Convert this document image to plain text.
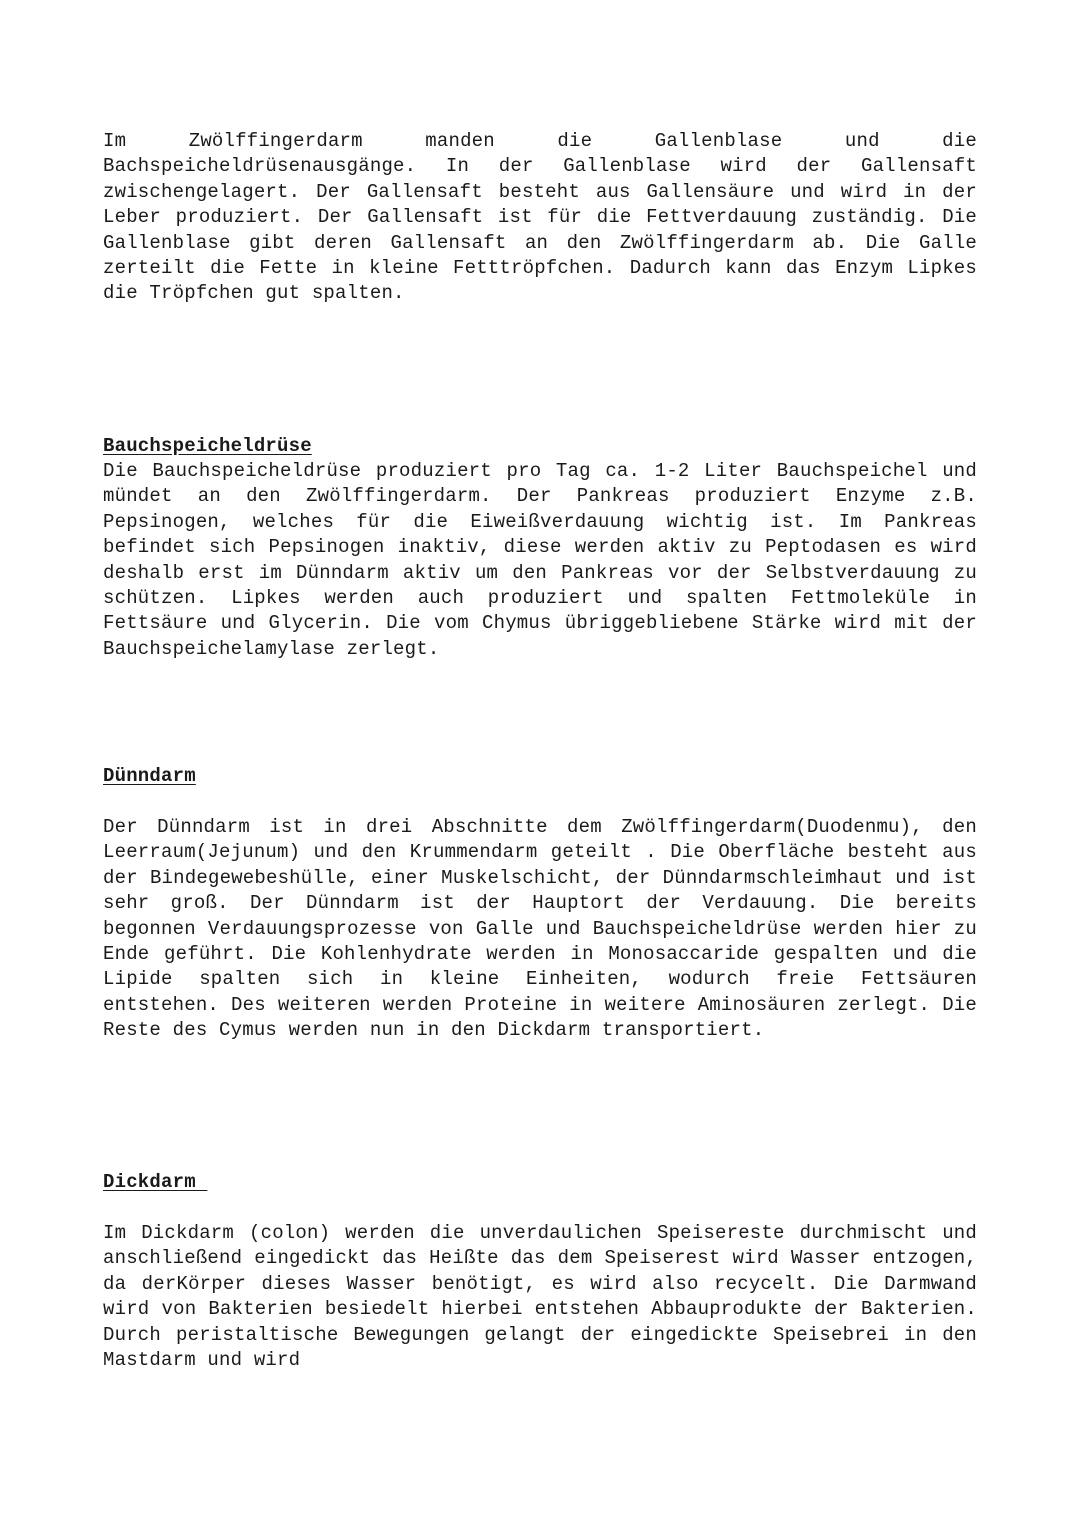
Im Zwölffingerdarm manden die Gallenblase und die Bachspeicheldrüsenausgänge. In der Gallenblase wird der Gallensaft zwischengelagert. Der Gallensaft besteht aus Gallensäure und wird in der Leber produziert. Der Gallensaft ist für die Fettverdauung zuständig. Die Gallenblase gibt deren Gallensaft an den Zwölffingerdarm ab. Die Galle zerteilt die Fette in kleine Fetttröpfchen. Dadurch kann das Enzym Lipkes die Tröpfchen gut spalten.

Bauchspeicheldrüse

Die Bauchspeicheldrüse produziert pro Tag ca. 1-2 Liter Bauchspeichel und mündet an den Zwölffingerdarm. Der Pankreas produziert Enzyme z.B. Pepsinogen, welches für die Eiweißverdauung wichtig ist. Im Pankreas befindet sich Pepsinogen inaktiv, diese werden aktiv zu Peptodasen es wird deshalb erst im Dünndarm aktiv um den Pankreas vor der Selbstverdauung zu schützen. Lipkes werden auch produziert und spalten Fettmoleküle in Fettsäure und Glycerin. Die vom Chymus übriggebliebene Stärke wird mit der Bauchspeichelamylase zerlegt.

Dünndarm

Der Dünndarm ist in drei Abschnitte dem Zwölffingerdarm(Duodenmu), den Leerraum(Jejunum) und den Krummendarm geteilt . Die Oberfläche besteht aus der Bindegewebeshülle, einer Muskelschicht, der Dünndarmschleimhaut und ist sehr groß. Der Dünndarm ist der Hauptort der Verdauung. Die bereits begonnen Verdauungsprozesse von Galle und Bauchspeicheldrüse werden hier zu Ende geführt. Die Kohlenhydrate werden in Monosaccaride gespalten und die Lipide spalten sich in kleine Einheiten, wodurch freie Fettsäuren entstehen. Des weiteren werden Proteine in weitere Aminosäuren zerlegt. Die Reste des Cymus werden nun in den Dickdarm transportiert.

Dickdarm

Im Dickdarm (colon) werden die unverdaulichen Speisereste durchmischt und anschließend eingedickt das Heißte das dem Speiserest wird Wasser entzogen, da derKörper dieses Wasser benötigt, es wird also recycelt. Die Darmwand wird von Bakterien besiedelt hierbei entstehen Abbauprodukte der Bakterien. Durch peristaltische Bewegungen gelangt der eingedickte Speisebrei in den Mastdarm und wird
